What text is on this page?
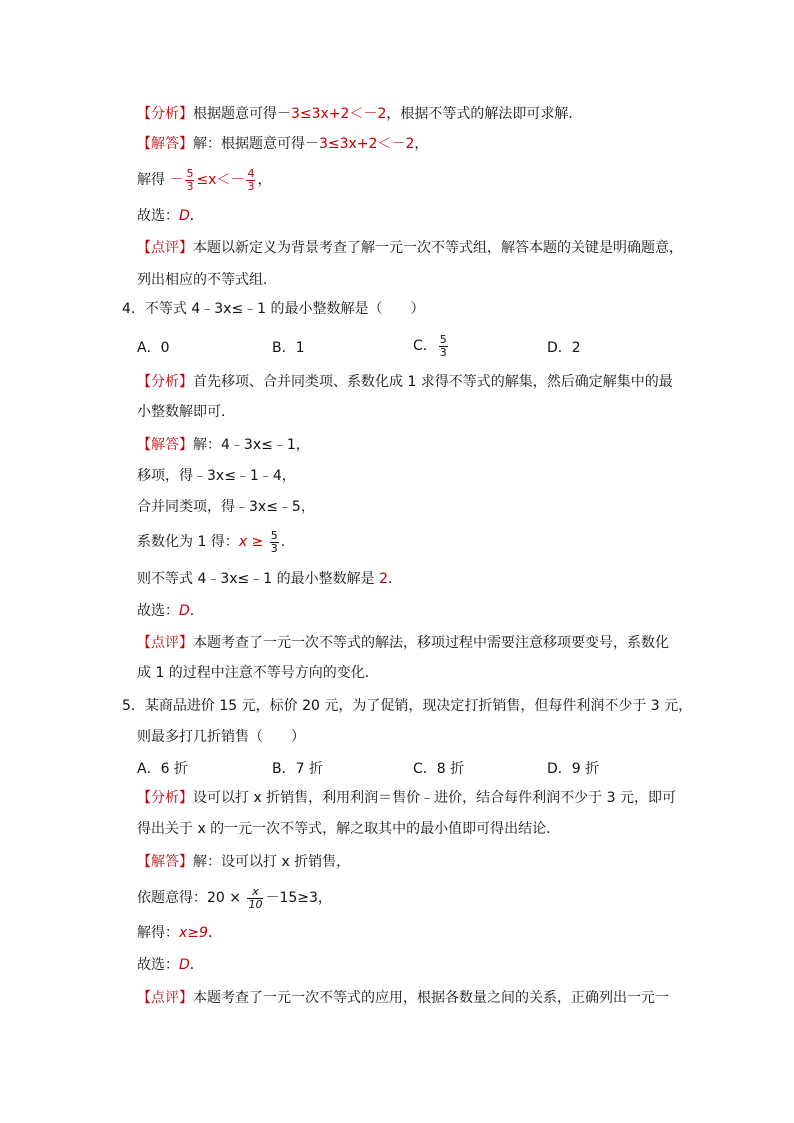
【分析】根据题意可得－3≤3x+2＜－2，根据不等式的解法即可求解．
【解答】解：根据题意可得－3≤3x+2＜－2，
解得 － $\frac{5}{3} \le x<- \frac{4}{3}$ ，
故选：D．
【点评】本题以新定义为背景考查了解一元一次不等式组，解答本题的关键是明确题意，
列出相应的不等式组．
4．不等式 4﹣3x≤﹣1 的最小整数解是（　　）
A．0	B．1	C． $\frac{5}{3}$	D．2
【分析】首先移项、合并同类项、系数化成 1 求得不等式的解集，然后确定解集中的最
小整数解即可．
【解答】解：4﹣3x≤﹣1，
移项，得﹣3x≤﹣1﹣4，
合并同类项，得﹣3x≤﹣5，
系数化为 1 得：$x \ge \frac{5}{3}$ .
则不等式 4﹣3x≤﹣1 的最小整数解是 2．
故选：D．
【点评】本题考查了一元一次不等式的解法，移项过程中需要注意移项要变号，系数化
成 1 的过程中注意不等号方向的变化．
5．某商品进价 15 元，标价 20 元，为了促销，现决定打折销售，但每件利润不少于 3 元，
则最多打几折销售（　　）
A．6 折	B．7 折	C．8 折	D．9 折
【分析】设可以打 x 折销售，利用利润＝售价﹣进价，结合每件利润不少于 3 元，即可
得出关于 x 的一元一次不等式，解之取其中的最小值即可得出结论．
【解答】解：设可以打 x 折销售，
依题意得：$20 \times \frac{x}{10} -15\ge 3$，
解得：x≥9．
故选：D．
【点评】本题考查了一元一次不等式的应用，根据各数量之间的关系，正确列出一元一
